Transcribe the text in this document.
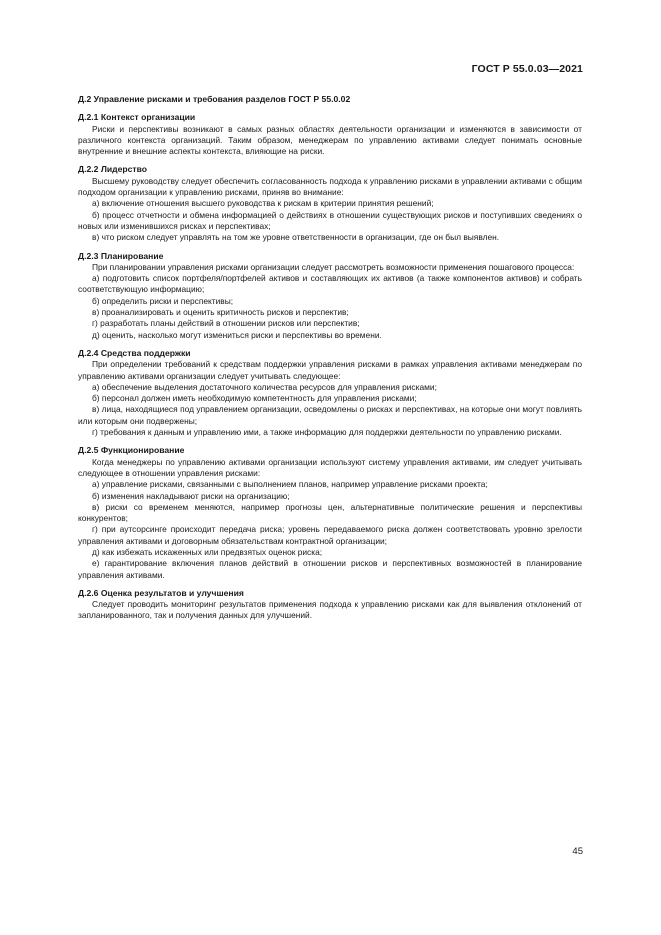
ГОСТ Р 55.0.03—2021
Д.2 Управление рисками и требования разделов ГОСТ Р 55.0.02
Д.2.1 Контекст организации

Риски и перспективы возникают в самых разных областях деятельности организации и изменяются в зависимости от различного контекста организаций. Таким образом, менеджерам по управлению активами следует понимать основные внутренние и внешние аспекты контекста, влияющие на риски.

Д.2.2 Лидерство

Высшему руководству следует обеспечить согласованность подхода к управлению рисками в управлении активами с общим подходом организации к управлению рисками, приняв во внимание:

а) включение отношения высшего руководства к рискам в критерии принятия решений;

б) процесс отчетности и обмена информацией о действиях в отношении существующих рисков и поступивших сведениях о новых или изменившихся рисках и перспективах;

в) что риском следует управлять на том же уровне ответственности в организации, где он был выявлен.

Д.2.3 Планирование

При планировании управления рисками организации следует рассмотреть возможности применения пошагового процесса:

а) подготовить список портфеля/портфелей активов и составляющих их активов (а также компонентов активов) и собрать соответствующую информацию;

б) определить риски и перспективы;

в) проанализировать и оценить критичность рисков и перспектив;

г) разработать планы действий в отношении рисков или перспектив;

д) оценить, насколько могут измениться риски и перспективы во времени.

Д.2.4 Средства поддержки

При определении требований к средствам поддержки управления рисками в рамках управления активами менеджерам по управлению активами организации следует учитывать следующее:

а) обеспечение выделения достаточного количества ресурсов для управления рисками;

б) персонал должен иметь необходимую компетентность для управления рисками;

в) лица, находящиеся под управлением организации, осведомлены о рисках и перспективах, на которые они могут повлиять или которым они подвержены;

г) требования к данным и управлению ими, а также информацию для поддержки деятельности по управлению рисками.

Д.2.5 Функционирование

Когда менеджеры по управлению активами организации используют систему управления активами, им следует учитывать следующее в отношении управления рисками:

а) управление рисками, связанными с выполнением планов, например управление рисками проекта;

б) изменения накладывают риски на организацию;

в) риски со временем меняются, например прогнозы цен, альтернативные политические решения и перспективы конкурентов;

г) при аутсорсинге происходит передача риска; уровень передаваемого риска должен соответствовать уровню зрелости управления активами и договорным обязательствам контрактной организации;

д) как избежать искаженных или предвзятых оценок риска;

е) гарантирование включения планов действий в отношении рисков и перспективных возможностей в планирование управления активами.

Д.2.6 Оценка результатов и улучшения

Следует проводить мониторинг результатов применения подхода к управлению рисками как для выявления отклонений от запланированного, так и получения данных для улучшений.

45
